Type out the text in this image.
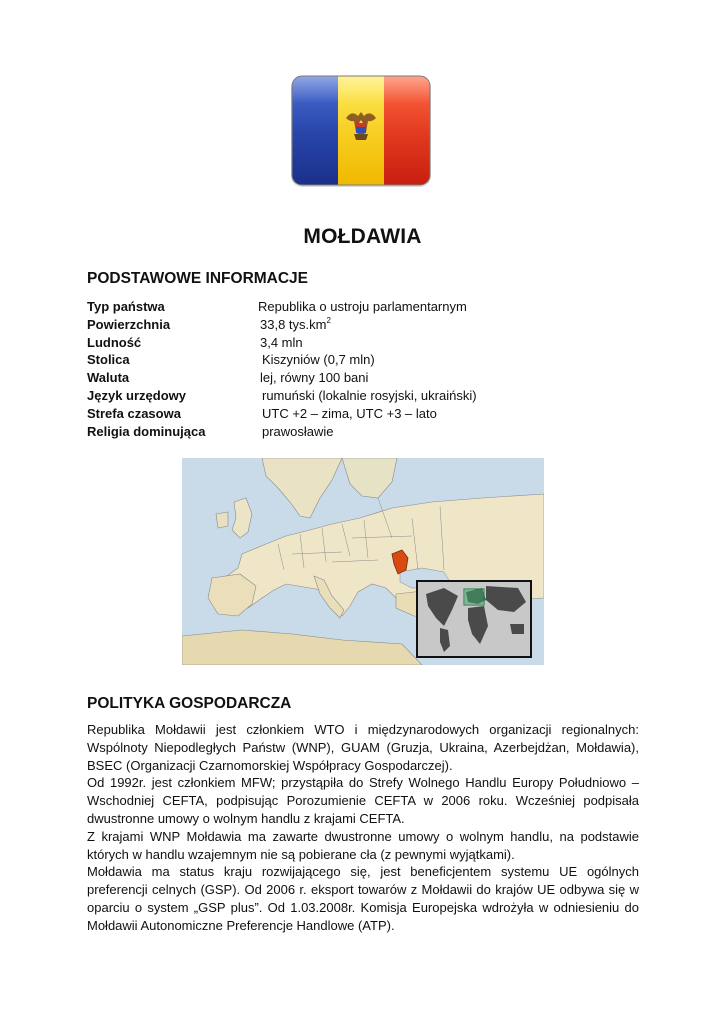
MOŁDAWIA
PODSTAWOWE INFORMACJE
Typ państwa	Republika o ustroju parlamentarnym
Powierzchnia	33,8 $tys.km^2$
Ludność	3,4 mln
Stolica	Kiszyniów (0,7 mln)
Waluta	lej, równy 100 bani
Język urzędowy	rumuński (lokalnie rosyjski, ukraiński)
Strefa czasowa	UTC +2 – zima, UTC +3 – lato
Religia dominująca	prawosławie
POLITYKA GOSPODARCZA

Republika Mołdawii jest członkiem WTO i międzynarodowych organizacji regionalnych: Wspólnoty Niepodległych Państw (WNP), GUAM (Gruzja, Ukraina, Azerbejdżan, Mołdawia), BSEC (Organizacji Czarnomorskiej Współpracy Gospodarczej).

Od 1992r. jest członkiem MFW; przystąpiła do Strefy Wolnego Handlu Europy Południowo – Wschodniej CEFTA, podpisując Porozumienie CEFTA w 2006 roku. Wcześniej podpisała dwustronne umowy o wolnym handlu z krajami CEFTA.

Z krajami WNP Mołdawia ma zawarte dwustronne umowy o wolnym handlu, na podstawie których w handlu wzajemnym nie są pobierane cła (z pewnymi wyjątkami).

Mołdawia ma status kraju rozwijającego się, jest beneficjentem systemu UE ogólnych preferencji celnych (GSP). Od 2006 r. eksport towarów z Mołdawii do krajów UE odbywa się w oparciu o system „GSP plus”. Od 1.03.2008r. Komisja Europejska wdrożyła w odniesieniu do Mołdawii Autonomiczne Preferencje Handlowe (ATP).
